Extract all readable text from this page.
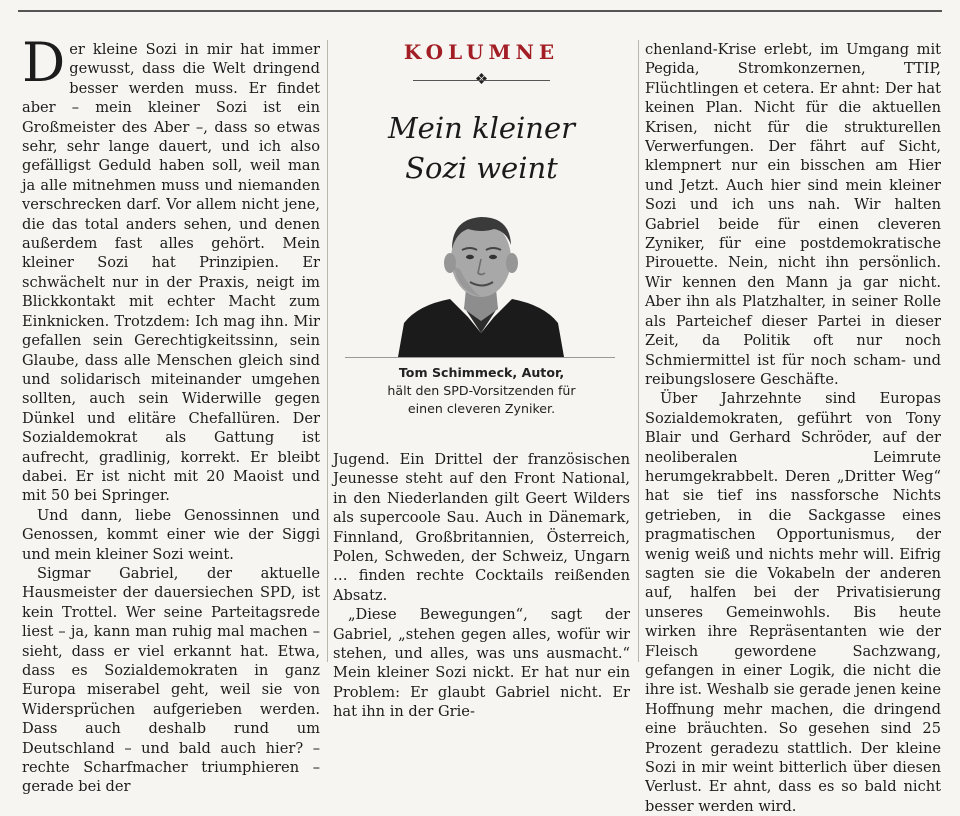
Der kleine Sozi in mir hat immer gewusst, dass die Welt dringend besser werden muss. Er findet aber – mein kleiner Sozi ist ein Großmeister des Aber –, dass so etwas sehr, sehr lange dauert, und ich also gefälligst Geduld haben soll, weil man ja alle mitnehmen muss und niemanden verschrecken darf. Vor allem nicht jene, die das total anders sehen, und denen außerdem fast alles gehört. Mein kleiner Sozi hat Prinzipien. Er schwächelt nur in der Praxis, neigt im Blickkontakt mit echter Macht zum Einknicken. Trotzdem: Ich mag ihn. Mir gefallen sein Gerechtigkeitssinn, sein Glaube, dass alle Menschen gleich sind und solidarisch miteinander umgehen sollten, auch sein Widerwille gegen Dünkel und elitäre Chefallüren. Der Sozialdemokrat als Gattung ist aufrecht, gradlinig, korrekt. Er bleibt dabei. Er ist nicht mit 20 Maoist und mit 50 bei Springer.

Und dann, liebe Genossinnen und Genossen, kommt einer wie der Siggi und mein kleiner Sozi weint.

Sigmar Gabriel, der aktuelle Hausmeister der dauersiechen SPD, ist kein Trottel. Wer seine Parteitagsrede liest – ja, kann man ruhig mal machen – sieht, dass er viel erkannt hat. Etwa, dass es Sozialdemokraten in ganz Europa miserabel geht, weil sie von Widersprüchen aufgerieben werden. Dass auch deshalb rund um Deutschland – und bald auch hier? – rechte Scharfmacher triumphieren – gerade bei der

KOLUMNE
❖
Mein kleiner
Sozi weint
Tom Schimmeck, Autor,
hält den SPD-Vorsitzenden für
einen cleveren Zyniker.

Jugend. Ein Drittel der französischen Jeunesse steht auf den Front National, in den Niederlanden gilt Geert Wilders als supercoole Sau. Auch in Dänemark, Finnland, Großbritannien, Österreich, Polen, Schweden, der Schweiz, Ungarn … finden rechte Cocktails reißenden Absatz.

„Diese Bewegungen“, sagt der Gabriel, „stehen gegen alles, wofür wir stehen, und alles, was uns ausmacht.“ Mein kleiner Sozi nickt. Er hat nur ein Problem: Er glaubt Gabriel nicht. Er hat ihn in der Grie-

chenland-Krise erlebt, im Umgang mit Pegida, Stromkonzernen, TTIP, Flüchtlingen et cetera. Er ahnt: Der hat keinen Plan. Nicht für die aktuellen Krisen, nicht für die strukturellen Verwerfungen. Der fährt auf Sicht, klempnert nur ein bisschen am Hier und Jetzt. Auch hier sind mein kleiner Sozi und ich uns nah. Wir halten Gabriel beide für einen cleveren Zyniker, für eine postdemokratische Pirouette. Nein, nicht ihn persönlich. Wir kennen den Mann ja gar nicht. Aber ihn als Platzhalter, in seiner Rolle als Parteichef dieser Partei in dieser Zeit, da Politik oft nur noch Schmiermittel ist für noch scham- und reibungslosere Geschäfte.

Über Jahrzehnte sind Europas Sozialdemokraten, geführt von Tony Blair und Gerhard Schröder, auf der neoliberalen Leimrute herumgekrabbelt. Deren „Dritter Weg“ hat sie tief ins nassforsche Nichts getrieben, in die Sackgasse eines pragmatischen Opportunismus, der wenig weiß und nichts mehr will. Eifrig sagten sie die Vokabeln der anderen auf, halfen bei der Privatisierung unseres Gemeinwohls. Bis heute wirken ihre Repräsentanten wie der Fleisch gewordene Sachzwang, gefangen in einer Logik, die nicht die ihre ist. Weshalb sie gerade jenen keine Hoffnung mehr machen, die dringend eine bräuchten. So gesehen sind 25 Prozent geradezu stattlich. Der kleine Sozi in mir weint bitterlich über diesen Verlust. Er ahnt, dass es so bald nicht besser werden wird.
